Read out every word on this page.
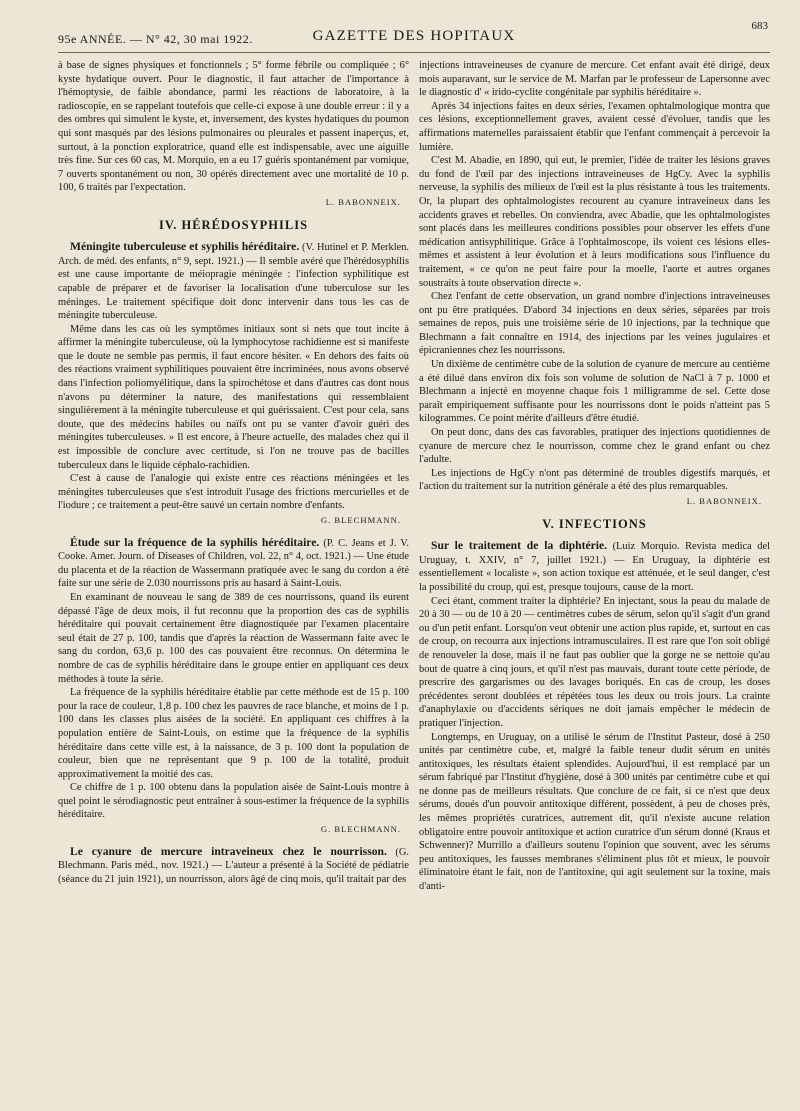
95e ANNÉE. — N° 42, 30 mai 1922.	GAZETTE DES HOPITAUX
683

à base de signes physiques et fonctionnels ; 5° forme fébrile ou compliquée ; 6° kyste hydatique ouvert. Pour le diagnostic, il faut attacher de l'importance à l'hémoptysie, de faible abondance, parmi les réactions de laboratoire, à la radioscopie, en se rappelant toutefois que celle-ci expose à une double erreur : il y a des ombres qui simulent le kyste, et, inversement, des kystes hydatiques du poumon qui sont masqués par des lésions pulmonaires ou pleurales et passent inaperçus, et, surtout, à la ponction exploratrice, quand elle est indispensable, avec une aiguille très fine. Sur ces 60 cas, M. Morquio, en a eu 17 guéris spontanément par vomique, 7 ouverts spontanément ou non, 30 opérés directement avec une mortalité de 10 p. 100, 6 traités par l'expectation.

L. BABONNEIX.
IV. HÉRÉDOSYPHILIS

Méningite tuberculeuse et syphilis héréditaire. (V. Hutinel et P. Merklen. Arch. de méd. des enfants, n° 9, sept. 1921.) — Il semble avéré que l'hérédosyphilis est une cause importante de méiopragie méningée : l'infection syphilitique est capable de préparer et de favoriser la localisation d'une tuberculose sur les méninges. Le traitement spécifique doit donc intervenir dans tous les cas de méningite tuberculeuse.

Même dans les cas où les symptômes initiaux sont si nets que tout incite à affirmer la méningite tuberculeuse, où la lymphocytose rachidienne est si manifeste que le doute ne semble pas permis, il faut encore hésiter. « En dehors des faits où des réactions vraiment syphilitiques pouvaient être incriminées, nous avons observé dans l'infection poliomyélitique, dans la spirochétose et dans d'autres cas dont nous n'avons pu déterminer la nature, des manifestations qui ressemblaient singulièrement à la méningite tuberculeuse et qui guérissaient. C'est pour cela, sans doute, que des médecins habiles ou naïfs ont pu se vanter d'avoir guéri des méningites tuberculeuses. » Il est encore, à l'heure actuelle, des malades chez qui il est impossible de conclure avec certitude, si l'on ne trouve pas de bacilles tuberculeux dans le liquide céphalo-rachidien.

C'est à cause de l'analogie qui existe entre ces réactions méningées et les méningites tuberculeuses que s'est introduit l'usage des frictions mercurielles et de l'iodure ; ce traitement a peut-être sauvé un certain nombre d'enfants.

G. BLECHMANN.

Étude sur la fréquence de la syphilis héréditaire. (P. C. Jeans et J. V. Cooke. Amer. Journ. of Diseases of Children, vol. 22, n° 4, oct. 1921.) — Une étude du placenta et de la réaction de Wassermann pratiquée avec le sang du cordon a été faite sur une série de 2.030 nourrissons pris au hasard à Saint-Louis.

En examinant de nouveau le sang de 389 de ces nourrissons, quand ils eurent dépassé l'âge de deux mois, il fut reconnu que la proportion des cas de syphilis héréditaire qui pouvait certainement être diagnostiquée par l'examen placentaire seul était de 27 p. 100, tandis que d'après la réaction de Wassermann faite avec le sang du cordon, 63,6 p. 100 des cas pouvaient être reconnus. On détermina le nombre de cas de syphilis héréditaire dans le groupe entier en appliquant ces deux méthodes à toute la série.

La fréquence de la syphilis héréditaire établie par cette méthode est de 15 p. 100 pour la race de couleur, 1,8 p. 100 chez les pauvres de race blanche, et moins de 1 p. 100 dans les classes plus aisées de la société. En appliquant ces chiffres à la population entière de Saint-Louis, on estime que la fréquence de la syphilis héréditaire dans cette ville est, à la naissance, de 3 p. 100 dont la population de couleur, bien que ne représentant que 9 p. 100 de la totalité, produit approximativement la moitié des cas.

Ce chiffre de 1 p. 100 obtenu dans la population aisée de Saint-Louis montre à quel point le sérodiagnostic peut entraîner à sous-estimer la fréquence de la syphilis héréditaire.

G. BLECHMANN.

Le cyanure de mercure intraveineux chez le nourrisson. (G. Blechmann. Paris méd., nov. 1921.) — L'auteur a présenté à la Société de pédiatrie (séance du 21 juin 1921), un nourrisson, alors âgé de cinq mois, qu'il traitait par des

injections intraveineuses de cyanure de mercure. Cet enfant avait été dirigé, deux mois auparavant, sur le service de M. Marfan par le professeur de Lapersonne avec le diagnostic d' « irido-cyclite congénitale par syphilis héréditaire ».

Après 34 injections faites en deux séries, l'examen ophtalmologique montra que ces lésions, exceptionnellement graves, avaient cessé d'évoluer, tandis que les affirmations maternelles paraissaient établir que l'enfant commençait à percevoir la lumière.

C'est M. Abadie, en 1890, qui eut, le premier, l'idée de traiter les lésions graves du fond de l'œil par des injections intraveineuses de HgCy. Avec la syphilis nerveuse, la syphilis des milieux de l'œil est la plus résistante à tous les traitements. Or, la plupart des ophtalmologistes recourent au cyanure intraveineux dans les accidents graves et rebelles. On conviendra, avec Abadie, que les ophtalmologistes sont placés dans les meilleures conditions possibles pour observer les effets d'une médication antisyphilitique. Grâce à l'ophtalmoscope, ils voient ces lésions elles-mêmes et assistent à leur évolution et à leurs modifications sous l'influence du traitement, « ce qu'on ne peut faire pour la moelle, l'aorte et autres organes soustraits à toute observation directe ».

Chez l'enfant de cette observation, un grand nombre d'injections intraveineuses ont pu être pratiquées. D'abord 34 injections en deux séries, séparées par trois semaines de repos, puis une troisième série de 10 injections, par la technique que Blechmann a fait connaître en 1914, des injections par les veines jugulaires et épicraniennes chez les nourrissons.

Un dixième de centimètre cube de la solution de cyanure de mercure au centième a été dilué dans environ dix fois son volume de solution de NaCl à 7 p. 1000 et Blechmann a injecté en moyenne chaque fois 1 milligramme de sel. Cette dose paraît empiriquement suffisante pour les nourrissons dont le poids n'atteint pas 5 kilogrammes. Ce point mérite d'ailleurs d'être étudié.

On peut donc, dans des cas favorables, pratiquer des injections quotidiennes de cyanure de mercure chez le nourrisson, comme chez le grand enfant ou chez l'adulte.

Les injections de HgCy n'ont pas déterminé de troubles digestifs marqués, et l'action du traitement sur la nutrition générale a été des plus remarquables.

L. BABONNEIX.
V. INFECTIONS

Sur le traitement de la diphtérie. (Luiz Morquio. Revista medica del Uruguay, t. XXIV, n° 7, juillet 1921.) — En Uruguay, la diphtérie est essentiellement « localiste », son action toxique est atténuée, et le seul danger, c'est la possibilité du croup, qui est, presque toujours, cause de la mort.

Ceci étant, comment traiter la diphtérie? En injectant, sous la peau du malade de 20 à 30 — ou de 10 à 20 — centimètres cubes de sérum, selon qu'il s'agit d'un grand ou d'un petit enfant. Lorsqu'on veut obtenir une action plus rapide, et, surtout en cas de croup, on recourra aux injections intramusculaires. Il est rare que l'on soit obligé de renouveler la dose, mais il ne faut pas oublier que la gorge ne se nettoie qu'au bout de quatre à cinq jours, et qu'il n'est pas mauvais, durant toute cette période, de prescrire des gargarismes ou des lavages boriqués. En cas de croup, les doses précédentes seront doublées et répétées tous les deux ou trois jours. La crainte d'anaphylaxie ou d'accidents sériques ne doit jamais empêcher le médecin de pratiquer l'injection.

Longtemps, en Uruguay, on a utilisé le sérum de l'Institut Pasteur, dosé à 250 unités par centimètre cube, et, malgré la faible teneur dudit sérum en unités antitoxiques, les résultats étaient splendides. Aujourd'hui, il est remplacé par un sérum fabriqué par l'Institut d'hygiène, dosé à 300 unités par centimètre cube et qui ne donne pas de meilleurs résultats. Que conclure de ce fait, si ce n'est que deux sérums, doués d'un pouvoir antitoxique différent, possèdent, à peu de choses près, les mêmes propriétés curatrices, autrement dit, qu'il n'existe aucune relation obligatoire entre pouvoir antitoxique et action curatrice d'un sérum donné (Kraus et Schwenner)? Murrillo a d'ailleurs soutenu l'opinion que souvent, avec les sérums peu antitoxiques, les fausses membranes s'éliminent plus tôt et mieux, le pouvoir éliminatoire étant le fait, non de l'antitoxine, qui agit seulement sur la toxine, mais d'anti-
